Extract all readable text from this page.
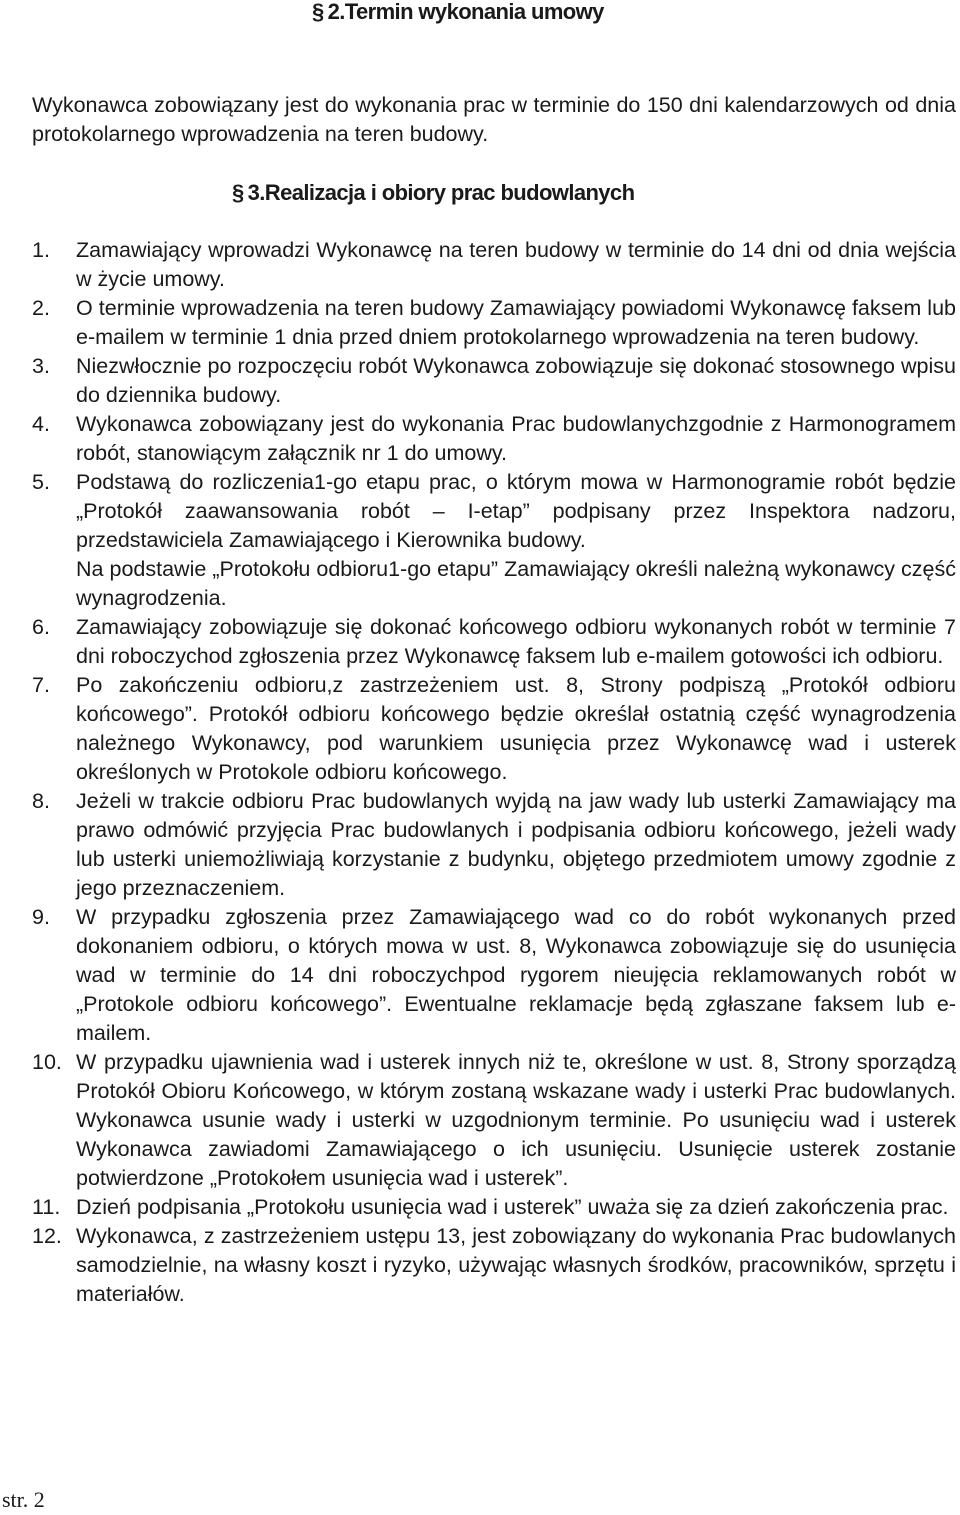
§ 2.Termin wykonania umowy
Wykonawca zobowiązany jest do wykonania prac w terminie do 150 dni kalendarzowych od dnia protokolarnego wprowadzenia na teren budowy.
§ 3.Realizacja i obiory prac budowlanych
1.	Zamawiający wprowadzi Wykonawcę na teren budowy w terminie do 14 dni od dnia wejścia w życie umowy.
2.	O terminie wprowadzenia na teren budowy Zamawiający powiadomi Wykonawcę faksem lub e-mailem w terminie 1 dnia przed dniem protokolarnego wprowadzenia na teren budowy.
3.	Niezwłocznie po rozpoczęciu robót Wykonawca zobowiązuje się dokonać stosownego wpisu do dziennika budowy.
4.	Wykonawca zobowiązany jest do wykonania Prac budowlanychzgodnie z Harmonogramem robót, stanowiącym załącznik nr 1 do umowy.
5.	Podstawą do rozliczenia1-go etapu prac, o którym mowa w Harmonogramie robót będzie „Protokół zaawansowania robót – I-etap” podpisany przez Inspektora nadzoru, przedstawiciela Zamawiającego i Kierownika budowy.
Na podstawie „Protokołu odbioru1-go etapu” Zamawiający określi należną wykonawcy część wynagrodzenia.
6.	Zamawiający zobowiązuje się dokonać końcowego odbioru wykonanych robót w terminie 7 dni roboczychod zgłoszenia przez Wykonawcę faksem lub e-mailem gotowości ich odbioru.
7.	Po zakończeniu odbioru,z zastrzeżeniem ust. 8, Strony podpiszą „Protokół odbioru końcowego”. Protokół odbioru końcowego będzie określał ostatnią część wynagrodzenia należnego Wykonawcy, pod warunkiem usunięcia przez Wykonawcę wad i usterek określonych w Protokole odbioru końcowego.
8.	Jeżeli w trakcie odbioru Prac budowlanych wyjdą na jaw wady lub usterki Zamawiający ma prawo odmówić przyjęcia Prac budowlanych i podpisania odbioru końcowego, jeżeli wady lub usterki uniemożliwiają korzystanie z budynku, objętego przedmiotem umowy zgodnie z jego przeznaczeniem.
9.	W przypadku zgłoszenia przez Zamawiającego wad co do robót wykonanych przed dokonaniem odbioru, o których mowa w ust. 8, Wykonawca zobowiązuje się do usunięcia wad w terminie do 14 dni roboczychpod rygorem nieujęcia reklamowanych robót w „Protokole odbioru końcowego”. Ewentualne reklamacje będą zgłaszane faksem lub e-mailem.
10. W przypadku ujawnienia wad i usterek innych niż te, określone w ust. 8, Strony sporządzą Protokół Obioru Końcowego, w którym zostaną wskazane wady i usterki Prac budowlanych. Wykonawca usunie wady i usterki w uzgodnionym terminie. Po usunięciu wad i usterek Wykonawca zawiadomi Zamawiającego o ich usunięciu. Usunięcie usterek zostanie potwierdzone „Protokołem usunięcia wad i usterek”.
11. Dzień podpisania „Protokołu usunięcia wad i usterek” uważa się za dzień zakończenia prac.
12. Wykonawca, z zastrzeżeniem ustępu 13, jest zobowiązany do wykonania Prac budowlanych samodzielnie, na własny koszt i ryzyko, używając własnych środków, pracowników, sprzętu i materiałów.
str. 2
